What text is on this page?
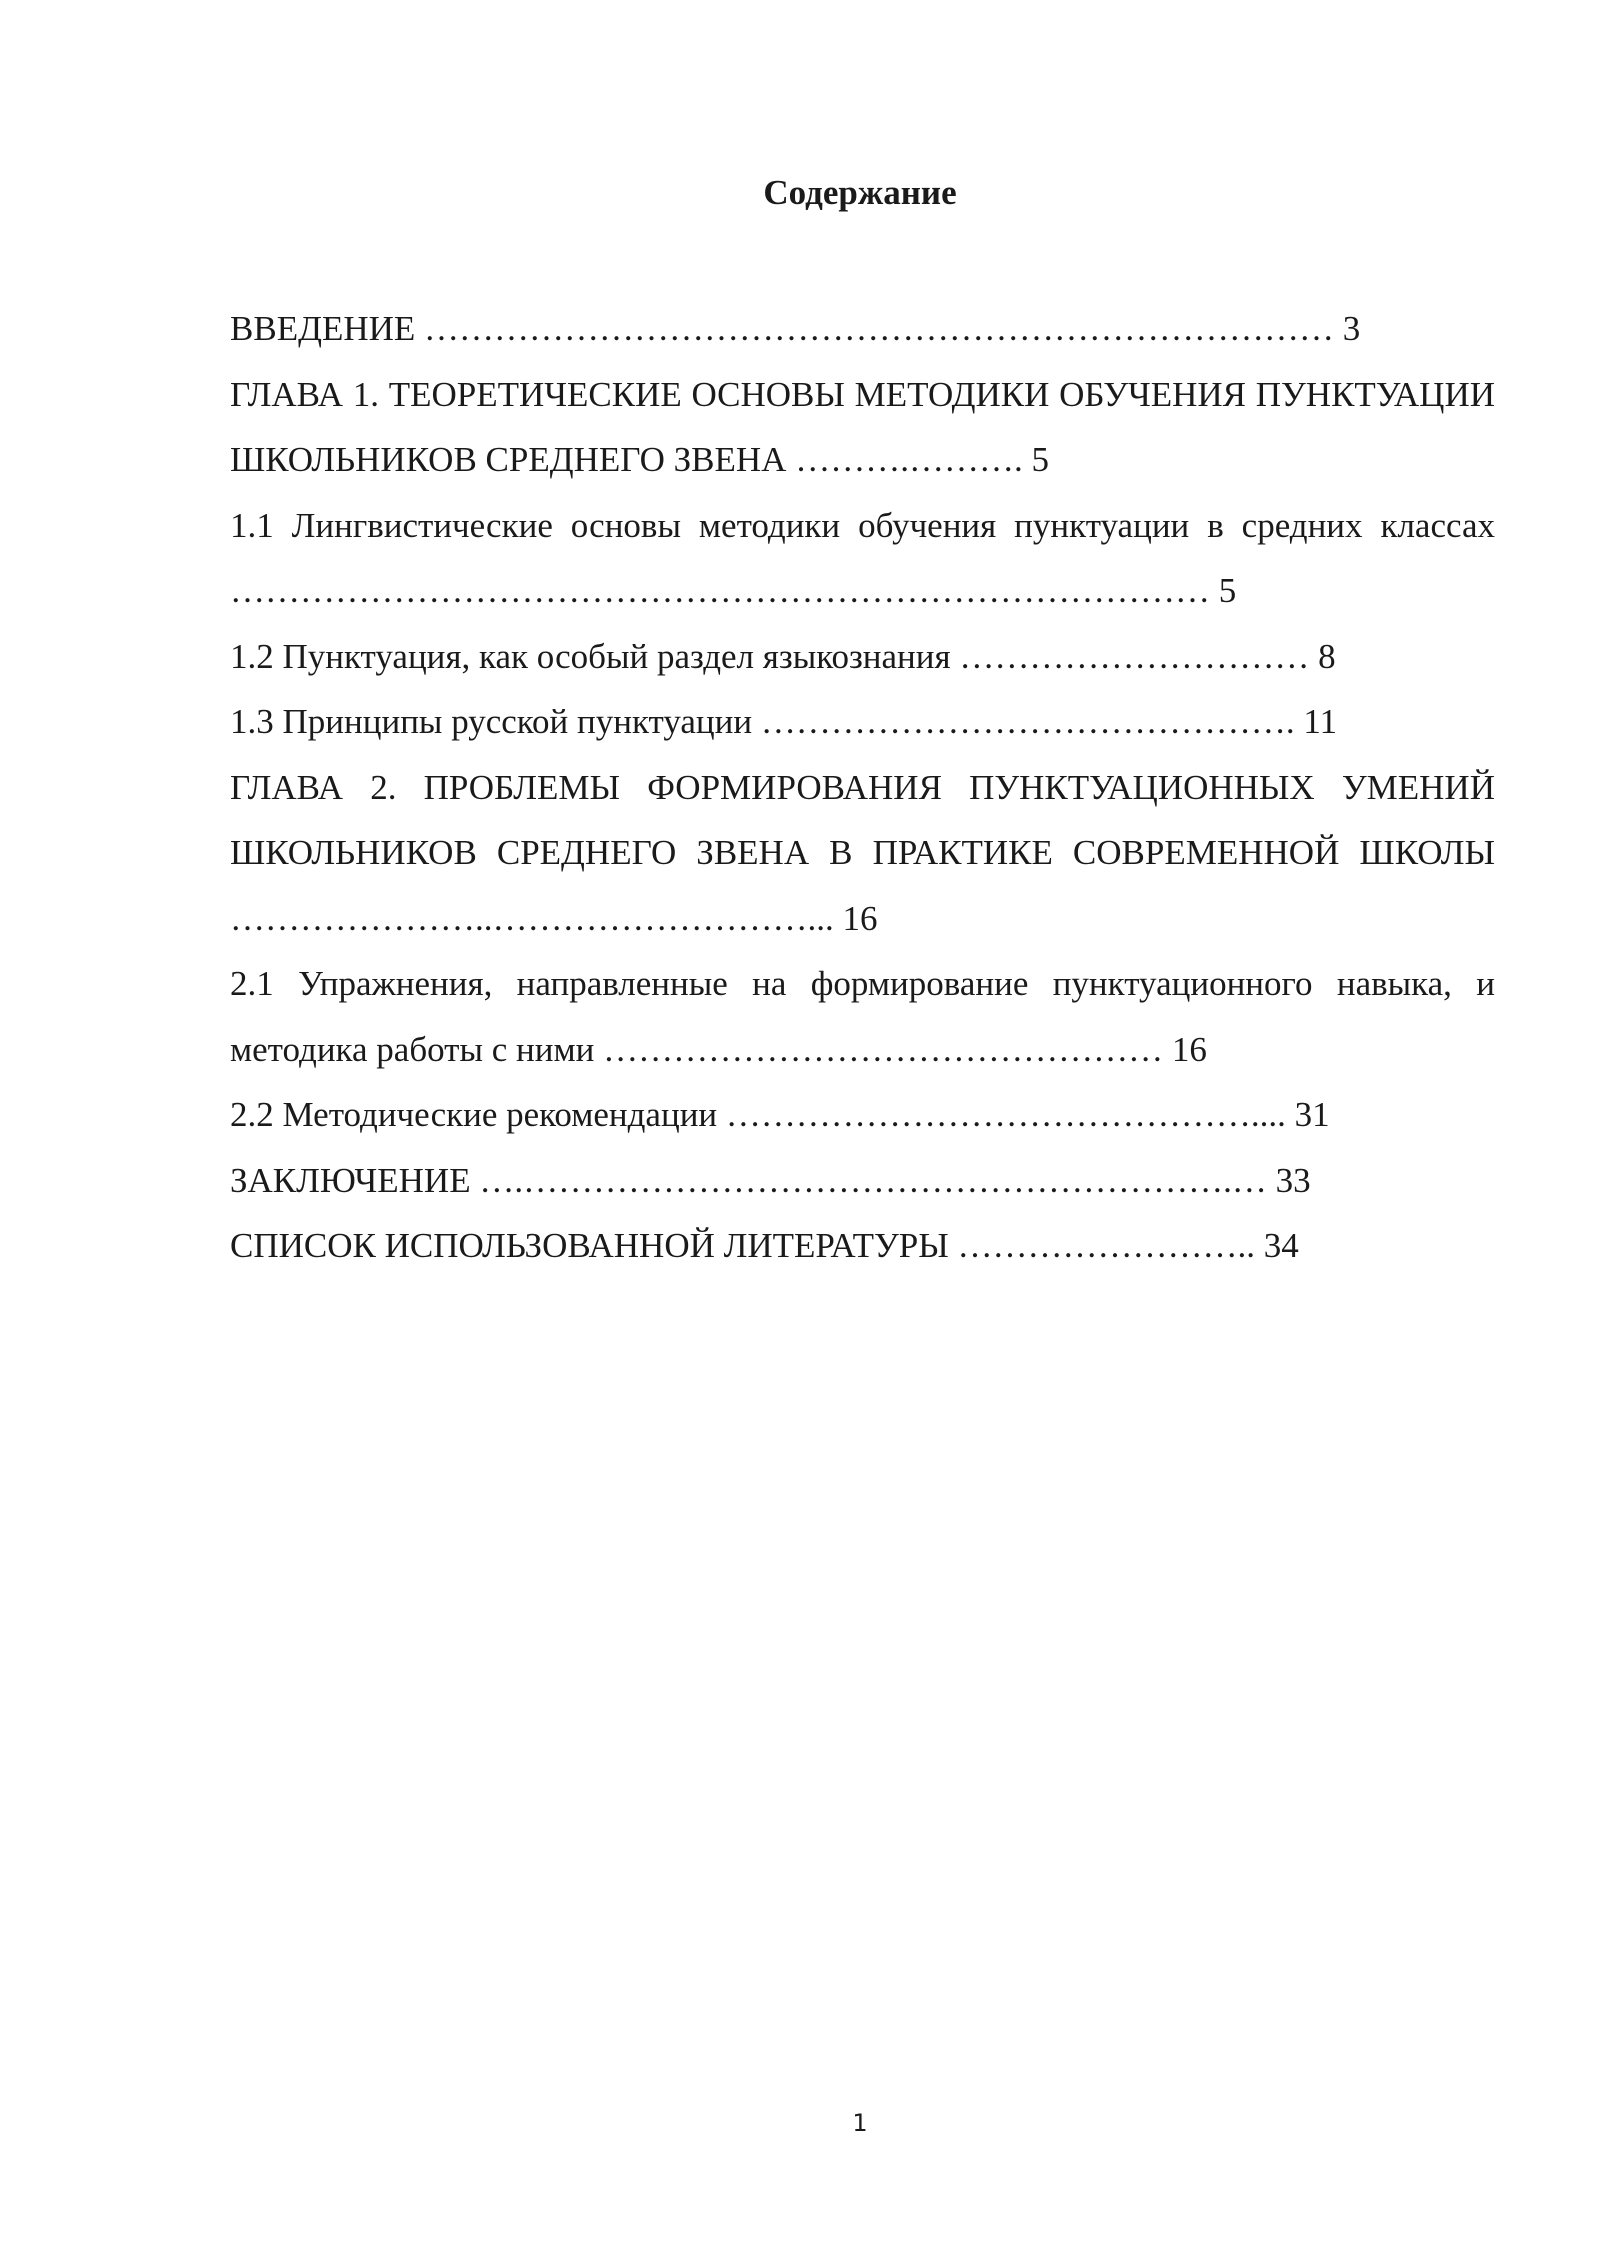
Содержание
ВВЕДЕНИЕ …………………………………………………………………… 3
ГЛАВА 1. ТЕОРЕТИЧЕСКИЕ ОСНОВЫ МЕТОДИКИ ОБУЧЕНИЯ ПУНКТУАЦИИ ШКОЛЬНИКОВ СРЕДНЕГО ЗВЕНА ……….………. 5
1.1 Лингвистические основы методики обучения пунктуации в средних классах ………………………………………………………………………… 5
1.2 Пунктуация, как особый раздел языкознания ………………………… 8
1.3 Принципы русской пунктуации ………………………………………. 11
ГЛАВА 2. ПРОБЛЕМЫ ФОРМИРОВАНИЯ ПУНКТУАЦИОННЫХ УМЕНИЙ ШКОЛЬНИКОВ СРЕДНЕГО ЗВЕНА В ПРАКТИКЕ СОВРЕМЕННОЙ ШКОЛЫ …………………..………………………... 16
2.1 Упражнения, направленные на формирование пунктуационного навыка, и методика работы с ними ………………………………………… 16
2.2 Методические рекомендации ……………………………………….... 31
ЗАКЛЮЧЕНИЕ ….…………………………………………………….… 33
СПИСОК ИСПОЛЬЗОВАННОЙ ЛИТЕРАТУРЫ …………………….. 34
1
